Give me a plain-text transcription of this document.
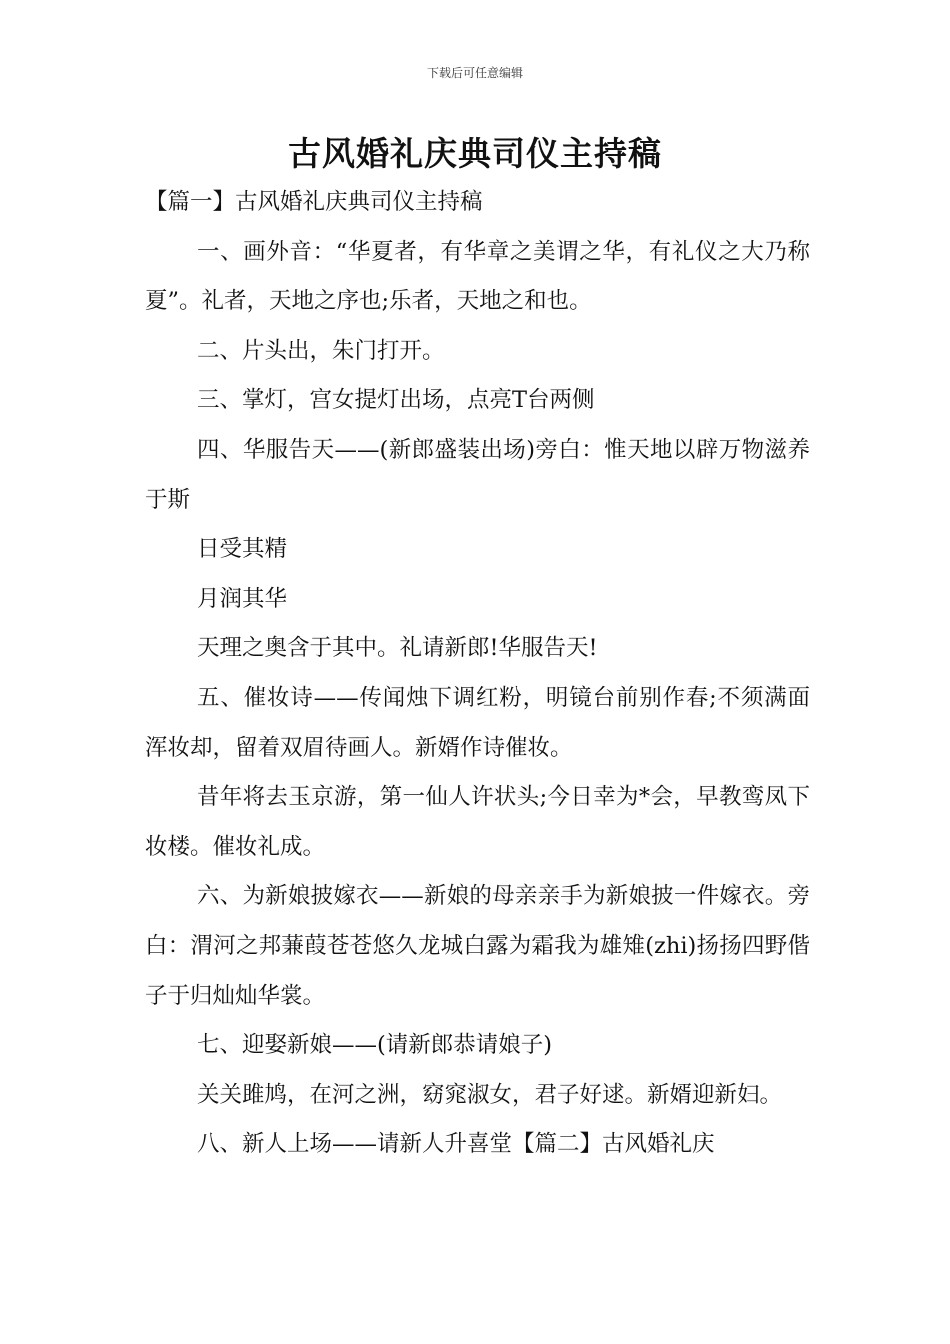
下载后可任意编辑
古风婚礼庆典司仪主持稿

【篇一】古风婚礼庆典司仪主持稿

一、画外音：“华夏者，有华章之美谓之华，有礼仪之大乃称夏”。礼者，天地之序也;乐者，天地之和也。

二、片头出，朱门打开。

三、掌灯，宫女提灯出场，点亮T台两侧

四、华服告天——(新郎盛装出场)旁白：惟天地以辟万物滋养于斯

日受其精

月润其华

天理之奥含于其中。礼请新郎!华服告天!

五、催妆诗——传闻烛下调红粉，明镜台前别作春;不须满面浑妆却，留着双眉待画人。新婿作诗催妆。

昔年将去玉京游，第一仙人许状头;今日幸为*会，早教鸾凤下妆楼。催妆礼成。

六、为新娘披嫁衣——新娘的母亲亲手为新娘披一件嫁衣。旁白：渭河之邦蒹葭苍苍悠久龙城白露为霜我为雄雉(zhi)扬扬四野偕子于归灿灿华裳。

七、迎娶新娘——(请新郎恭请娘子)

关关雎鸠，在河之洲，窈窕淑女，君子好逑。新婿迎新妇。

八、新人上场——请新人升喜堂【篇二】古风婚礼庆
